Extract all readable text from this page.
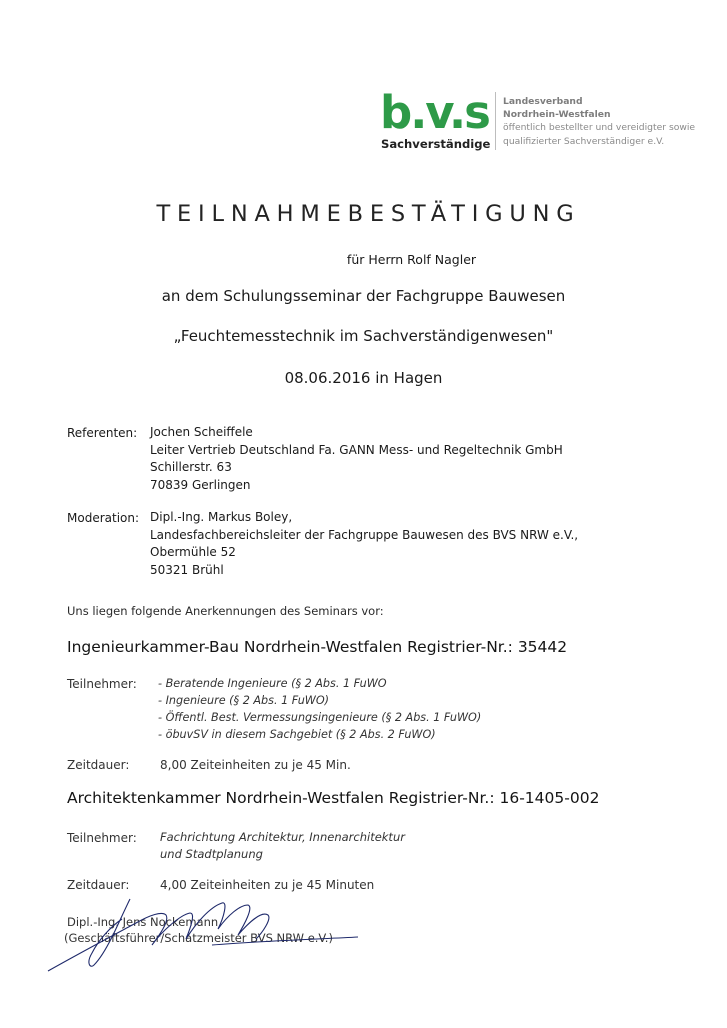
b.v.s
Sachverständige
Landesverband
Nordrhein-Westfalen
öffentlich bestellter und vereidigter sowie
qualifizierter Sachverständiger e.V.
TEILNAHMEBESTÄTIGUNG
für Herrn Rolf Nagler
an dem Schulungsseminar der Fachgruppe Bauwesen
„Feuchtemesstechnik im Sachverständigenwesen"
08.06.2016 in Hagen
Referenten: Jochen Scheiffele
Leiter Vertrieb Deutschland Fa. GANN Mess- und Regeltechnik GmbH
Schillerstr. 63
70839 Gerlingen
Moderation: Dipl.-Ing. Markus Boley,
Landesfachbereichsleiter der Fachgruppe Bauwesen des BVS NRW e.V.,
Obermühle 52
50321 Brühl
Uns liegen folgende Anerkennungen des Seminars vor:
Ingenieurkammer-Bau Nordrhein-Westfalen Registrier-Nr.: 35442
Teilnehmer: - Beratende Ingenieure (§ 2 Abs. 1 FuWO
- Ingenieure (§ 2 Abs. 1 FuWO)
- Öffentl. Best. Vermessungsingenieure (§ 2 Abs. 1 FuWO)
- öbuvSV in diesem Sachgebiet (§ 2 Abs. 2 FuWO)
Zeitdauer:	8,00 Zeiteinheiten zu je 45 Min.
Architektenkammer Nordrhein-Westfalen Registrier-Nr.: 16-1405-002
Teilnehmer: Fachrichtung Architektur, Innenarchitektur
und Stadtplanung
Zeitdauer:	4,00 Zeiteinheiten zu je 45 Minuten
Dipl.-Ing. Jens Nockemann
(Geschäftsführer/Schatzmeister BVS NRW e.V.)
